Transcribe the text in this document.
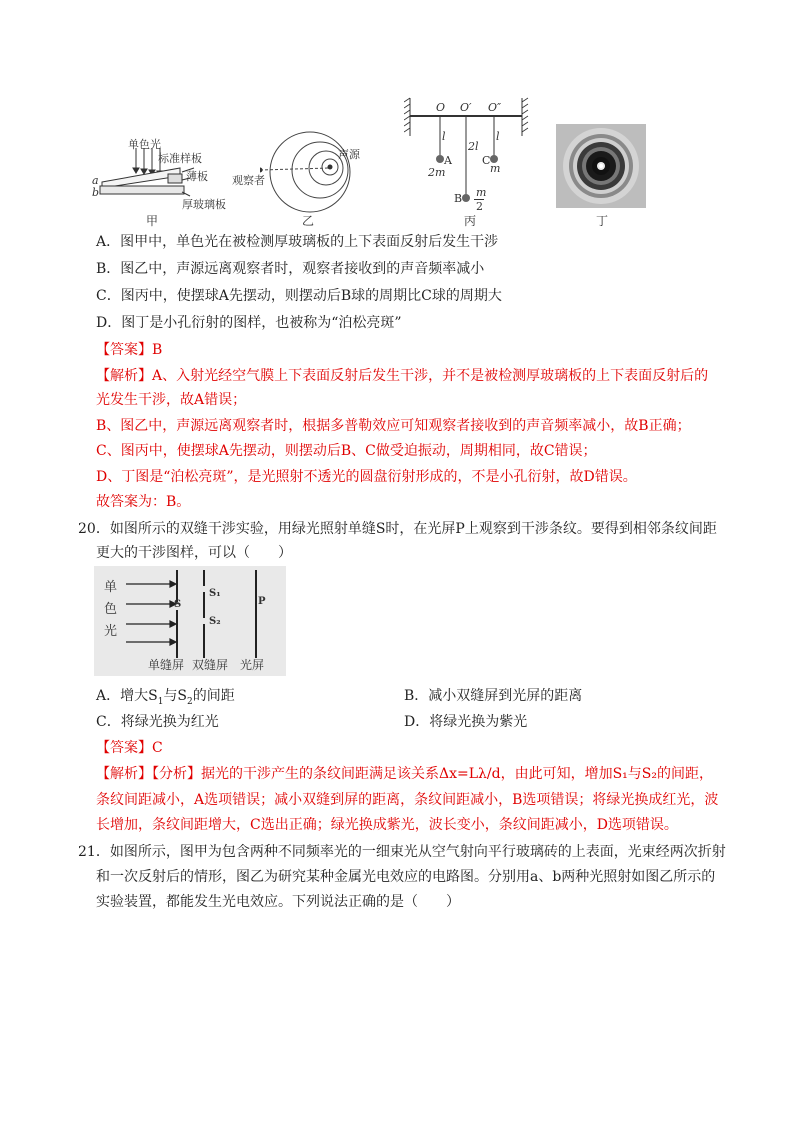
单色光
标准样板
薄板
厚玻璃板
a
b
甲
声源
观察者
乙
O O′ O″
l
2l
l
A
2m
C
m
B m
2
丙	丁
A．图甲中，单色光在被检测厚玻璃板的上下表面反射后发生干涉
B．图乙中，声源远离观察者时，观察者接收到的声音频率减小
C．图丙中，使摆球A先摆动，则摆动后B球的周期比C球的周期大
D．图丁是小孔衍射的图样，也被称为“泊松亮斑”
【答案】B
【解析】A、入射光经空气膜上下表面反射后发生干涉，并不是被检测厚玻璃板的上下表面反射后的
光发生干涉，故A错误；
B、图乙中，声源远离观察者时，根据多普勒效应可知观察者接收到的声音频率减小，故B正确；
C、图丙中，使摆球A先摆动，则摆动后B、C做受迫振动，周期相同，故C错误；
D、丁图是“泊松亮斑”，是光照射不透光的圆盘衍射形成的，不是小孔衍射，故D错误。
故答案为：B。
20．如图所示的双缝干涉实验，用绿光照射单缝S时，在光屏P上观察到干涉条纹。要得到相邻条纹间距
更大的干涉图样，可以（　　）
单
色
光
S
S₁
S₂
P
单缝屏 双缝屏 光屏
A．增大$S_1$与$S_2$的间距	B．减小双缝屏到光屏的距离
C．将绿光换为红光	D．将绿光换为紫光
【答案】C
【解析】【分析】据光的干涉产生的条纹间距满足该关系Δx=Lλ/d，由此可知，增加S₁与S₂的间距，
条纹间距减小，A选项错误；减小双缝到屏的距离，条纹间距减小，B选项错误；将绿光换成红光，波
长增加，条纹间距增大，C选出正确；绿光换成紫光，波长变小，条纹间距减小，D选项错误。
21．如图所示，图甲为包含两种不同频率光的一细束光从空气射向平行玻璃砖的上表面，光束经两次折射
和一次反射后的情形，图乙为研究某种金属光电效应的电路图。分别用a、b两种光照射如图乙所示的
实验装置，都能发生光电效应。下列说法正确的是（　　）
